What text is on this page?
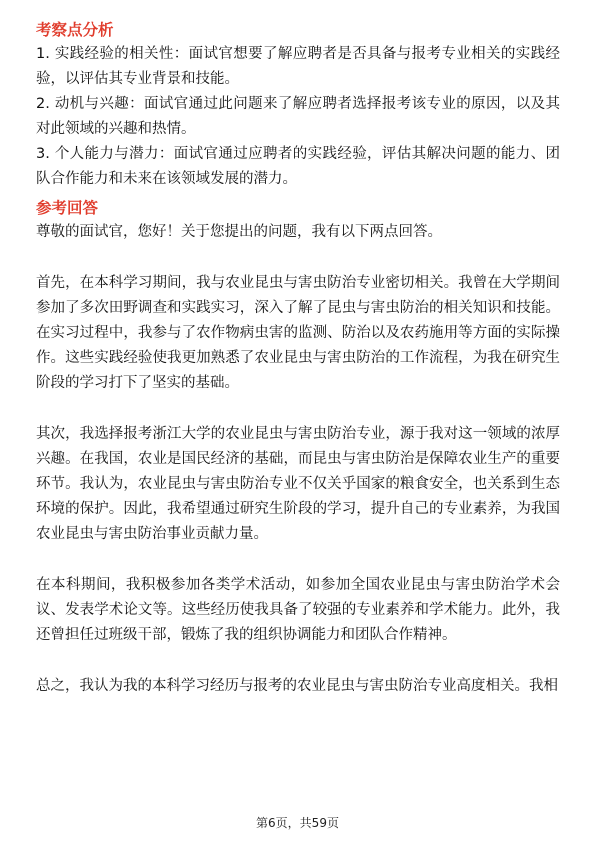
考察点分析

1. 实践经验的相关性：面试官想要了解应聘者是否具备与报考专业相关的实践经验，以评估其专业背景和技能。

2. 动机与兴趣：面试官通过此问题来了解应聘者选择报考该专业的原因，以及其对此领域的兴趣和热情。

3. 个人能力与潜力：面试官通过应聘者的实践经验，评估其解决问题的能力、团队合作能力和未来在该领域发展的潜力。

参考回答

尊敬的面试官，您好！关于您提出的问题，我有以下两点回答。

首先，在本科学习期间，我与农业昆虫与害虫防治专业密切相关。我曾在大学期间参加了多次田野调查和实践实习，深入了解了昆虫与害虫防治的相关知识和技能。在实习过程中，我参与了农作物病虫害的监测、防治以及农药施用等方面的实际操作。这些实践经验使我更加熟悉了农业昆虫与害虫防治的工作流程，为我在研究生阶段的学习打下了坚实的基础。

其次，我选择报考浙江大学的农业昆虫与害虫防治专业，源于我对这一领域的浓厚兴趣。在我国，农业是国民经济的基础，而昆虫与害虫防治是保障农业生产的重要环节。我认为，农业昆虫与害虫防治专业不仅关乎国家的粮食安全，也关系到生态环境的保护。因此，我希望通过研究生阶段的学习，提升自己的专业素养，为我国农业昆虫与害虫防治事业贡献力量。

在本科期间，我积极参加各类学术活动，如参加全国农业昆虫与害虫防治学术会议、发表学术论文等。这些经历使我具备了较强的专业素养和学术能力。此外，我还曾担任过班级干部，锻炼了我的组织协调能力和团队合作精神。

总之，我认为我的本科学习经历与报考的农业昆虫与害虫防治专业高度相关。我相

第6页，共59页
